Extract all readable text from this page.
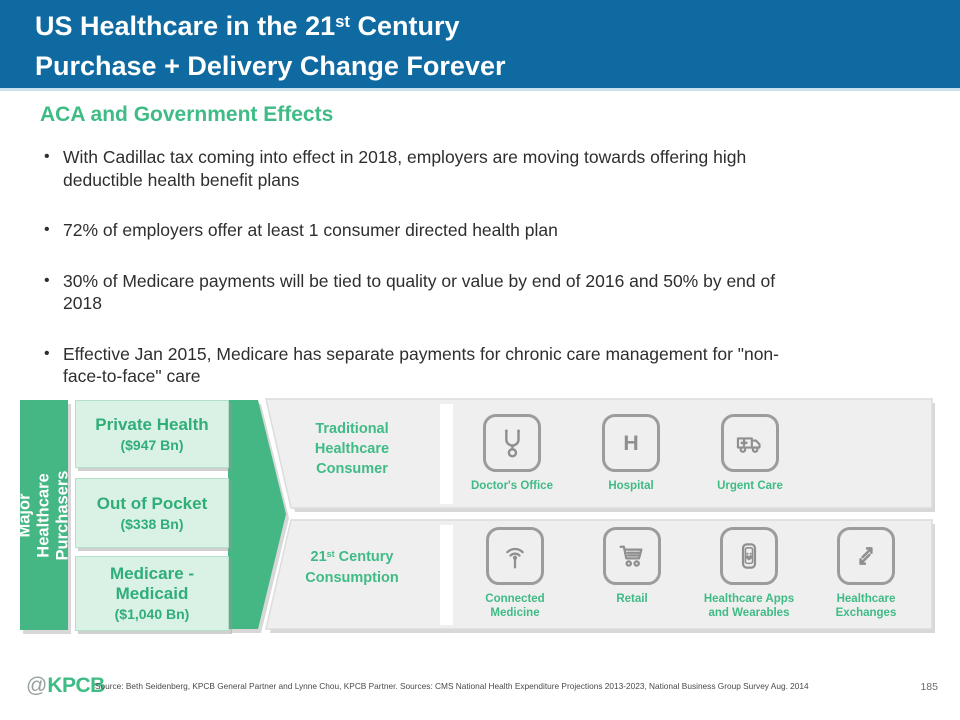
US Healthcare in the 21st Century
Purchase + Delivery Change Forever
ACA and Government Effects
• With Cadillac tax coming into effect in 2018, employers are moving towards offering high
deductible health benefit plans
• 72% of employers offer at least 1 consumer directed health plan
• 30% of Medicare payments will be tied to quality or value by end of 2016 and 50% by end of
2018
• Effective Jan 2015, Medicare has separate payments for chronic care management for "non-
face-to-face" care
Major Healthcare Purchasers
Private Health
($947 Bn)
Out of Pocket
($338 Bn)
Medicare - Medicaid
($1,040 Bn)
Traditional Healthcare Consumer
21st Century Consumption
Doctor's Office
H
Hospital	Urgent Care
Connected Medicine
Retail	Healthcare Apps and Wearables
Healthcare Exchanges
@KPCB
Source: Beth Seidenberg, KPCB General Partner and Lynne Chou, KPCB Partner. Sources: CMS National Health Expenditure Projections 2013-2023, National Business Group Survey Aug. 2014	185
